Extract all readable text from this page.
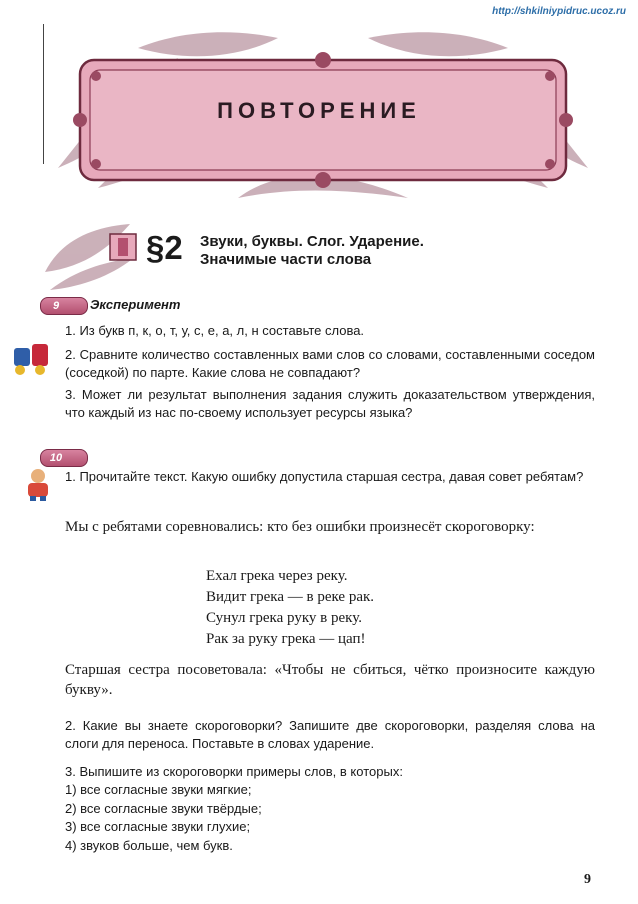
http://shkilniypidruc.ucoz.ru
ПОВТОРЕНИЕ
§2 Звуки, буквы. Слог. Ударение.
Значимые части слова
9	Эксперимент
1. Из букв п, к, о, т, у, с, е, а, л, н составьте слова.
2. Сравните количество составленных вами слов со словами, составленными соседом (соседкой) по парте. Какие слова не совпадают?
3. Может ли результат выполнения задания служить доказательством утверждения, что каждый из нас по-своему использует ресурсы языка?
10
1. Прочитайте текст. Какую ошибку допустила старшая сестра, давая совет ребятам?
Мы с ребятами соревновались: кто без ошибки произнесёт скороговорку:
Ехал грека через реку.
Видит грека — в реке рак.
Сунул грека руку в реку.
Рак за руку грека — цап!
Старшая сестра посоветовала: «Чтобы не сбиться, чётко произносите каждую букву».
2. Какие вы знаете скороговорки? Запишите две скороговорки, разделяя слова на слоги для переноса. Поставьте в словах ударение.
3. Выпишите из скороговорки примеры слов, в которых:
1) все согласные звуки мягкие;
2) все согласные звуки твёрдые;
3) все согласные звуки глухие;
4) звуков больше, чем букв.
9
